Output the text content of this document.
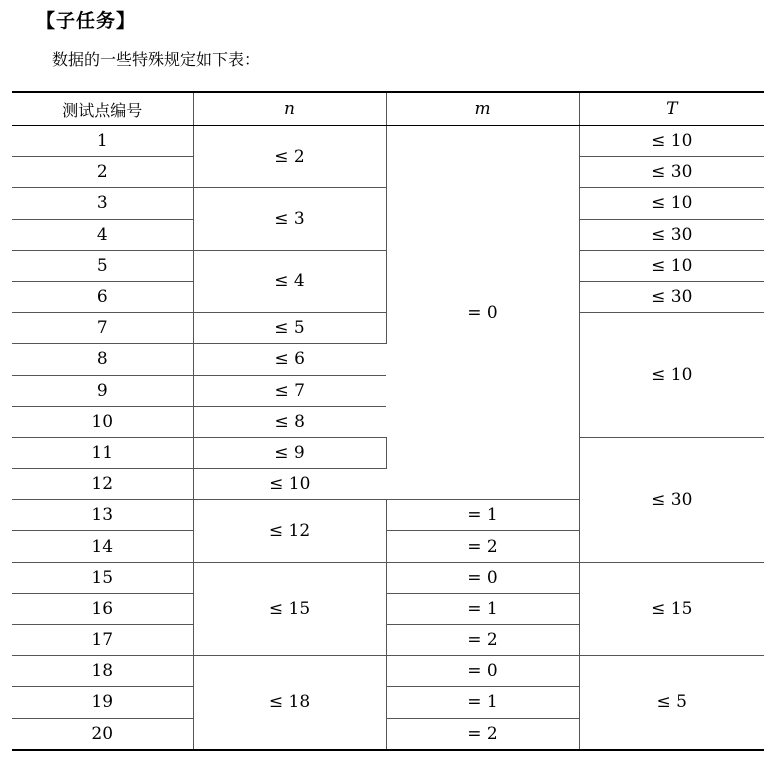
【子任务】
数据的一些特殊规定如下表：
测试点编号	n	m	T
1	≤ 2	= 0	≤ 10
2			≤ 30
3	≤ 3		≤ 10
4			≤ 30
5	≤ 4		≤ 10
6			≤ 30
7	≤ 5		≤ 10
8	≤ 6		
9	≤ 7		
10	≤ 8		
11	≤ 9		≤ 30
12	≤ 10		
13	≤ 12	= 1	
14		= 2	
15	≤ 15	= 0	≤ 15
16		= 1	
17		= 2	
18	≤ 18	= 0	≤ 5
19		= 1	
20		= 2	
